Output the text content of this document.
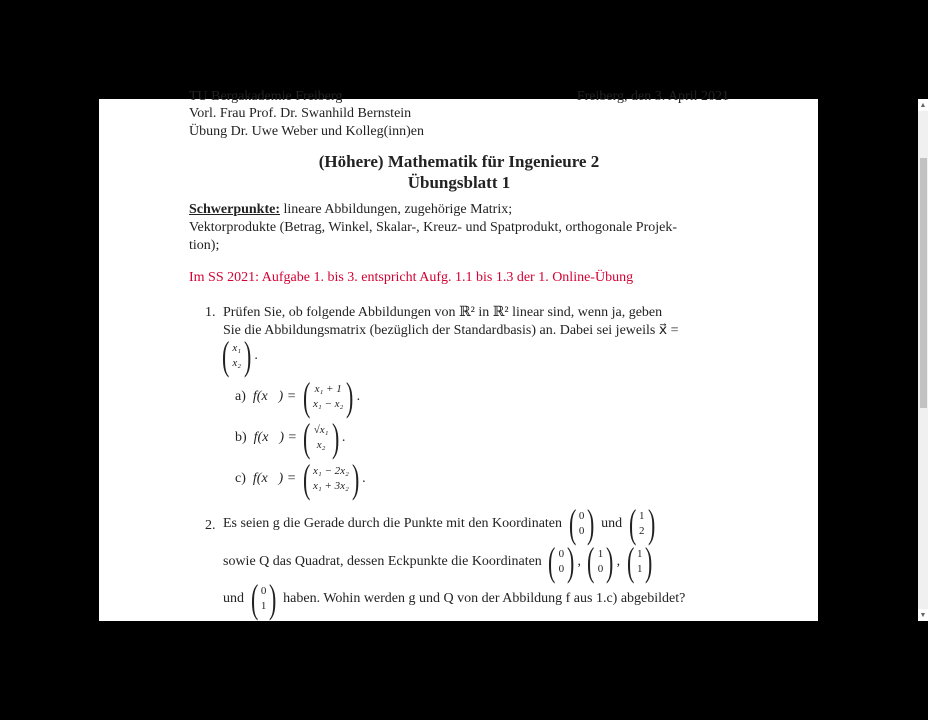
TU Bergakademie Freiberg	Freiberg, den 3. April 2021
Vorl. Frau Prof. Dr. Swanhild Bernstein
Übung Dr. Uwe Weber und Kolleg(inn)en
(Höhere) Mathematik für Ingenieure 2
Übungsblatt 1
Schwerpunkte: lineare Abbildungen, zugehörige Matrix;
Vektorprodukte (Betrag, Winkel, Skalar-, Kreuz- und Spatprodukt, orthogonale Projek-
tion);
Im SS 2021: Aufgabe 1. bis 3. entspricht Aufg. 1.1 bis 1.3 der 1. Online-Übung
1. Prüfen Sie, ob folgende Abbildungen von ℝ² in ℝ² linear sind, wenn ja, geben
Sie die Abbildungsmatrix (bezüglich der Standardbasis) an. Dabei sei jeweils x⃗ =
( x₁
x₂ ) .
a) f(x⃗) = ( x₁ + 1
x₁ − x₂ ) .
b) f(x⃗) = ( √x₁
x₂ ) .
c) f(x⃗) = ( x₁ − 2x₂
x₁ + 3x₂ ) .
2. Es seien g die Gerade durch die Punkte mit den Koordinaten ( 0
0 ) und ( 1
2 )
sowie Q das Quadrat, dessen Eckpunkte die Koordinaten ( 0
0 ) , ( 1
0 ) , ( 1
1 )
und ( 0
1 ) haben. Wohin werden g und Q von der Abbildung f aus 1.c) abgebildet?
▲
▼
